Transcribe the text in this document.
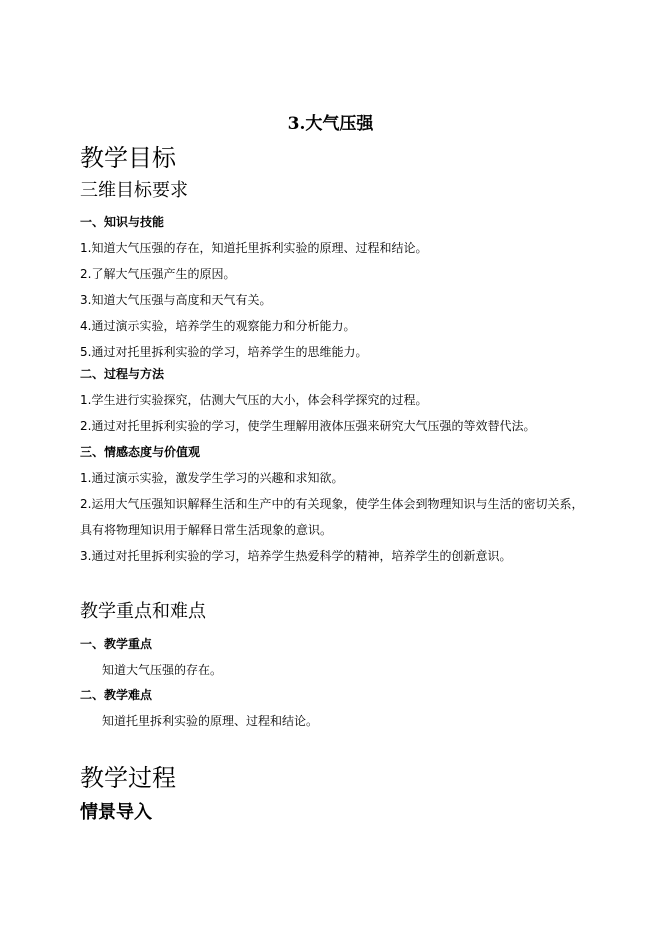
3.大气压强
教学目标
三维目标要求
一、知识与技能
1.知道大气压强的存在，知道托里拆利实验的原理、过程和结论。
2.了解大气压强产生的原因。
3.知道大气压强与高度和天气有关。
4.通过演示实验，培养学生的观察能力和分析能力。
5.通过对托里拆利实验的学习，培养学生的思维能力。
二、过程与方法
1.学生进行实验探究，估测大气压的大小，体会科学探究的过程。
2.通过对托里拆利实验的学习，使学生理解用液体压强来研究大气压强的等效替代法。
三、情感态度与价值观
1.通过演示实验，激发学生学习的兴趣和求知欲。
2.运用大气压强知识解释生活和生产中的有关现象，使学生体会到物理知识与生活的密切关系，具有将物理知识用于解释日常生活现象的意识。
3.通过对托里拆利实验的学习，培养学生热爱科学的精神，培养学生的创新意识。
教学重点和难点
一、教学重点
知道大气压强的存在。
二、教学难点
知道托里拆利实验的原理、过程和结论。
教学过程
情景导入
